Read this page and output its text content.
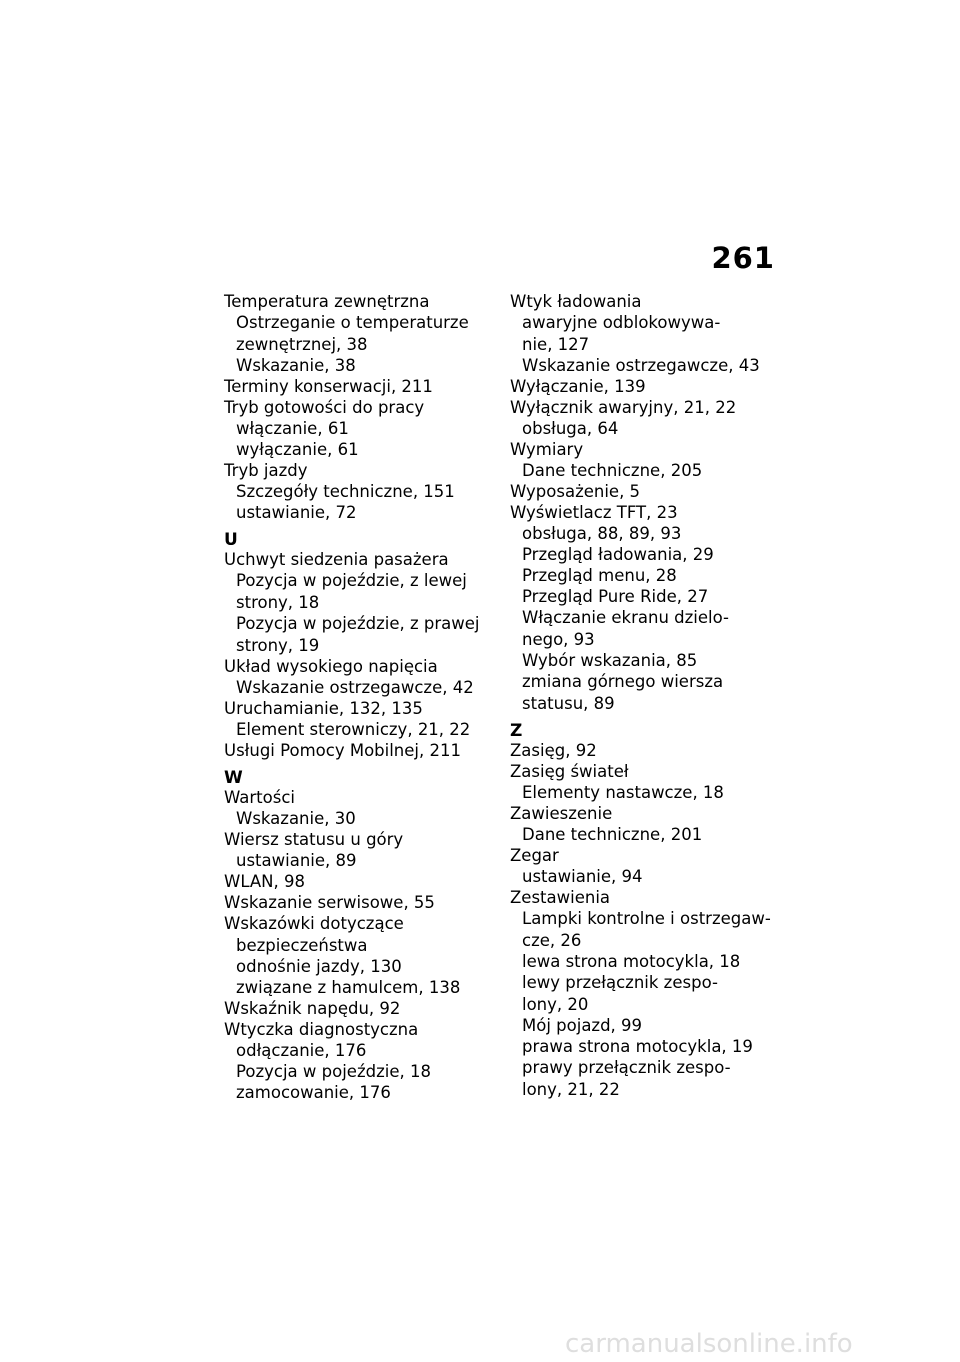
261
Temperatura zewnętrzna
Ostrzeganie o temperaturze
zewnętrznej, 38
Wskazanie, 38
Terminy konserwacji, 211
Tryb gotowości do pracy
włączanie, 61
wyłączanie, 61
Tryb jazdy
Szczegóły techniczne, 151
ustawianie, 72
U
Uchwyt siedzenia pasażera
Pozycja w pojeździe, z lewej
strony, 18
Pozycja w pojeździe, z prawej
strony, 19
Układ wysokiego napięcia
Wskazanie ostrzegawcze, 42
Uruchamianie, 132, 135
Element sterowniczy, 21, 22
Usługi Pomocy Mobilnej, 211
W
Wartości
Wskazanie, 30
Wiersz statusu u góry
ustawianie, 89
WLAN, 98
Wskazanie serwisowe, 55
Wskazówki dotyczące
bezpieczeństwa
odnośnie jazdy, 130
związane z hamulcem, 138
Wskaźnik napędu, 92
Wtyczka diagnostyczna
odłączanie, 176
Pozycja w pojeździe, 18
zamocowanie, 176
Wtyk ładowania
awaryjne odblokowywa-
nie, 127
Wskazanie ostrzegawcze, 43
Wyłączanie, 139
Wyłącznik awaryjny, 21, 22
obsługa, 64
Wymiary
Dane techniczne, 205
Wyposażenie, 5
Wyświetlacz TFT, 23
obsługa, 88, 89, 93
Przegląd ładowania, 29
Przegląd menu, 28
Przegląd Pure Ride, 27
Włączanie ekranu dzielo-
nego, 93
Wybór wskazania, 85
zmiana górnego wiersza
statusu, 89
Z
Zasięg, 92
Zasięg świateł
Elementy nastawcze, 18
Zawieszenie
Dane techniczne, 201
Zegar
ustawianie, 94
Zestawienia
Lampki kontrolne i ostrzegaw-
cze, 26
lewa strona motocykla, 18
lewy przełącznik zespo-
lony, 20
Mój pojazd, 99
prawa strona motocykla, 19
prawy przełącznik zespo-
lony, 21, 22
carmanualsonline.info
